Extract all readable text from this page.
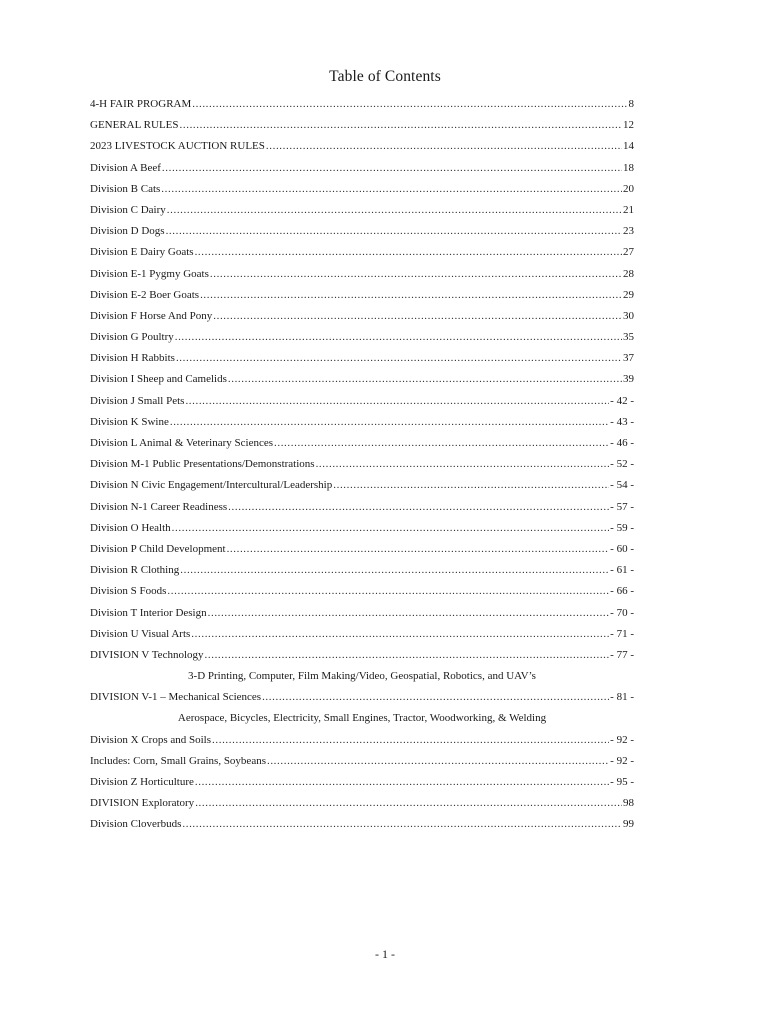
Table of Contents
4-H FAIR PROGRAM .....	8
GENERAL RULES .....	12
2023 LIVESTOCK AUCTION RULES .....	14
Division A Beef .....	18
Division B Cats .....	20
Division C Dairy .....	21
Division D Dogs .....	23
Division E Dairy Goats .....	27
Division E-1 Pygmy Goats .....	28
Division E-2 Boer Goats .....	29
Division F Horse And Pony .....	30
Division G Poultry .....	35
Division H Rabbits .....	37
Division I Sheep and Camelids .....	39
Division J Small Pets .....	- 42 -
Division K Swine .....	- 43 -
Division L Animal & Veterinary Sciences .....	- 46 -
Division M-1 Public Presentations/Demonstrations .....	- 52 -
Division N Civic Engagement/Intercultural/Leadership .....	- 54 -
Division N-1 Career Readiness .....	- 57 -
Division O Health .....	- 59 -
Division P Child Development .....	- 60 -
Division R Clothing .....	- 61 -
Division S Foods .....	- 66 -
Division T Interior Design .....	- 70 -
Division U Visual Arts .....	- 71 -
DIVISION V Technology .....	- 77 -
3-D Printing, Computer, Film Making/Video, Geospatial, Robotics, and UAV’s
DIVISION V-1 – Mechanical Sciences .....	- 81 -
Aerospace, Bicycles, Electricity, Small Engines, Tractor, Woodworking, & Welding
Division X Crops and Soils .....	- 92 -
Includes: Corn, Small Grains, Soybeans .....	- 92 -
Division Z Horticulture .....	- 95 -
DIVISION Exploratory .....	98
Division Cloverbuds .....	99
- 1 -
